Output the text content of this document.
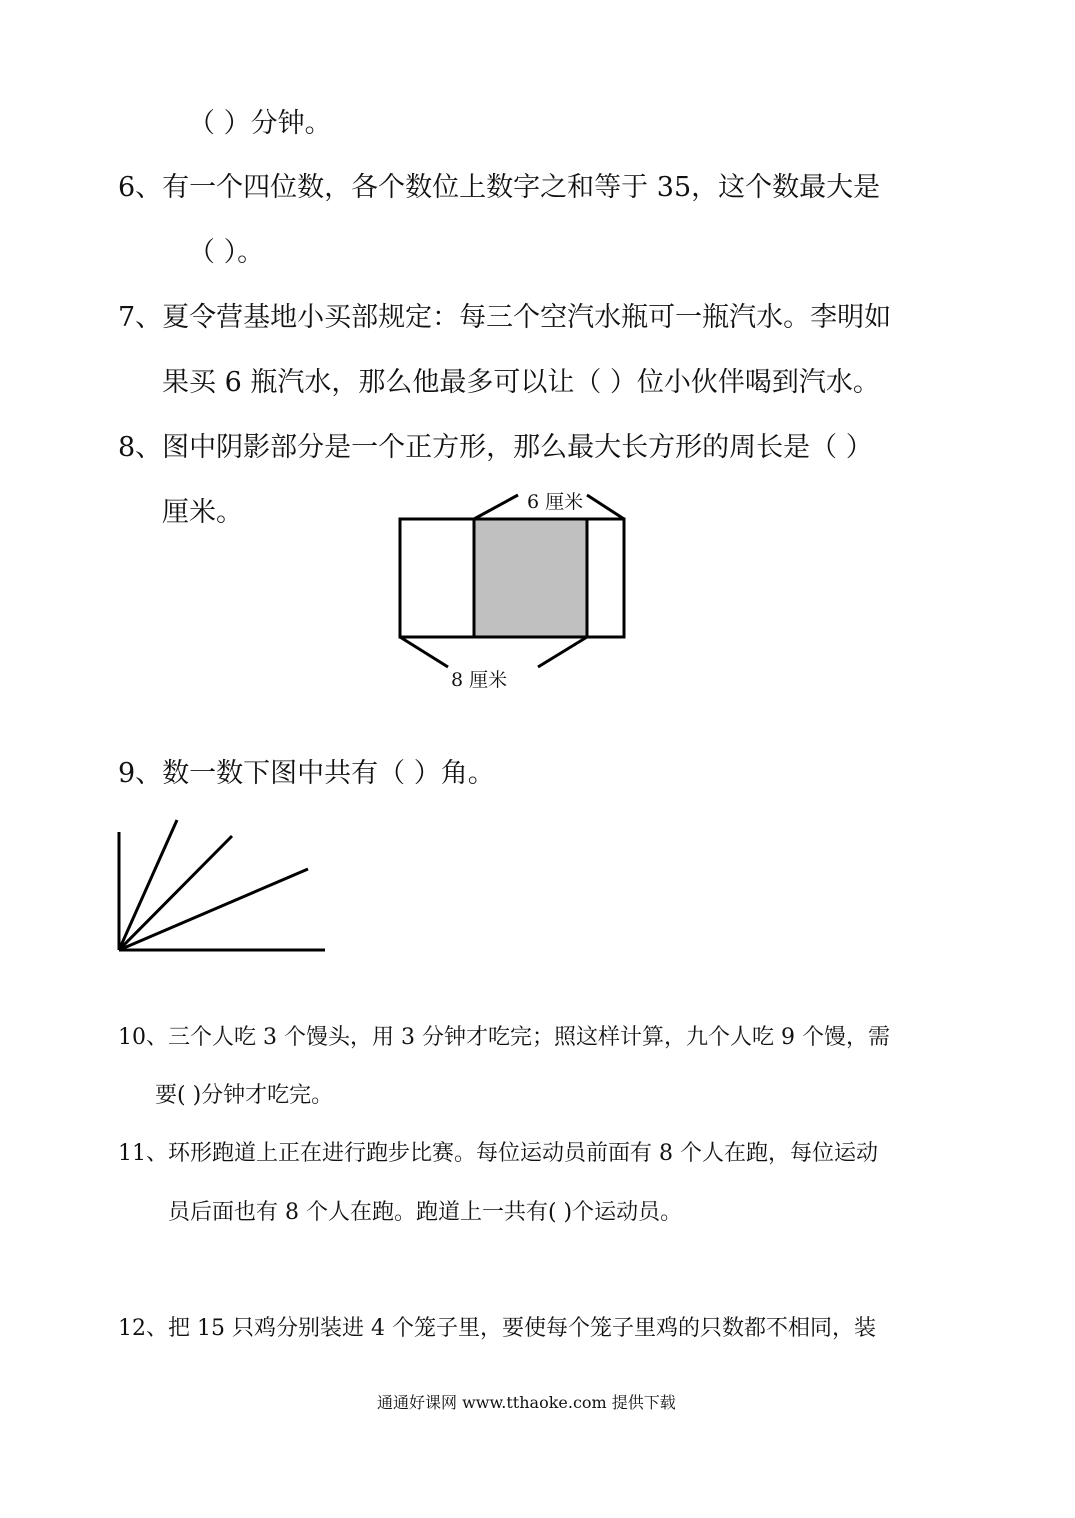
（ ）分钟。
6、有一个四位数，各个数位上数字之和等于 35，这个数最大是
（ ）。
7、夏令营基地小买部规定：每三个空汽水瓶可一瓶汽水。李明如
果买 6 瓶汽水，那么他最多可以让（ ）位小伙伴喝到汽水。
8、图中阴影部分是一个正方形，那么最大长方形的周长是（ ）
厘米。	6 厘米
8 厘米
9、数一数下图中共有（ ）角。
10、三个人吃 3 个馒头，用 3 分钟才吃完；照这样计算，九个人吃 9 个馒，需
要( )分钟才吃完。
11、环形跑道上正在进行跑步比赛。每位运动员前面有 8 个人在跑，每位运动
员后面也有 8 个人在跑。跑道上一共有( )个运动员。
12、把 15 只鸡分别装进 4 个笼子里，要使每个笼子里鸡的只数都不相同，装
通通好课网 www.tthaoke.com 提供下载
